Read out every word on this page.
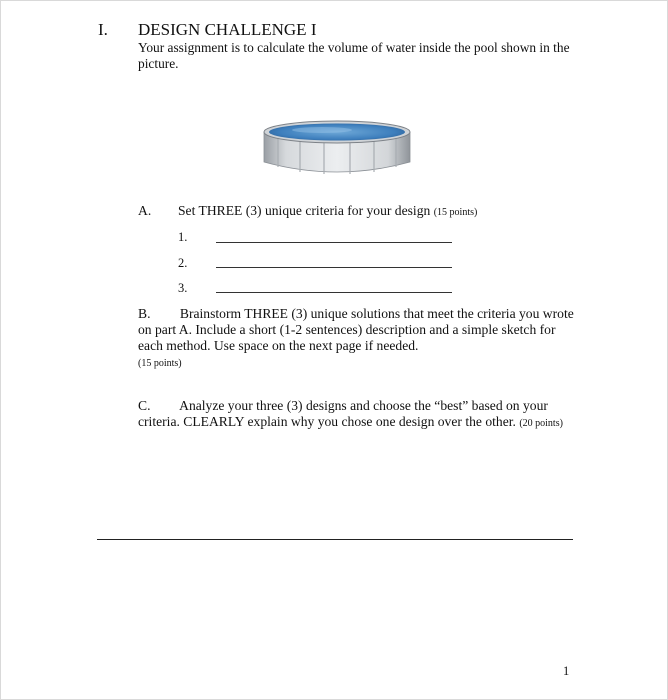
I. DESIGN CHALLENGE I
Your assignment is to calculate the volume of water inside the pool shown in the picture.
A. Set THREE (3) unique criteria for your design (15 points)
1.
2.
3.
B. Brainstorm THREE (3) unique solutions that meet the criteria you wrote on part A. Include a short (1-2 sentences) description and a simple sketch for each method. Use space on the next page if needed.
(15 points)
C. Analyze your three (3) designs and choose the “best” based on your criteria. CLEARLY explain why you chose one design over the other. (20 points)
1
